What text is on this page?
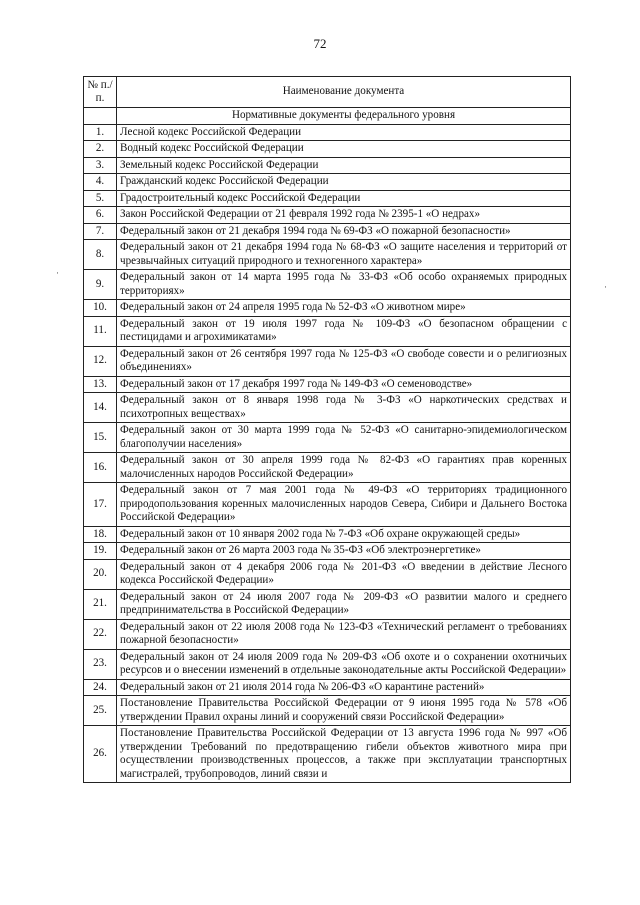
72
·
·
№ п./п.	Наименование документа
	Нормативные документы федерального уровня
1.	Лесной кодекс Российской Федерации
2.	Водный кодекс Российской Федерации
3.	Земельный кодекс Российской Федерации
4.	Гражданский кодекс Российской Федерации
5.	Градостроительный кодекс Российской Федерации
6.	Закон Российской Федерации от 21 февраля 1992 года № 2395-1 «О недрах»
7.	Федеральный закон от 21 декабря 1994 года № 69-ФЗ «О пожарной безопасности»
8.	Федеральный закон от 21 декабря 1994 года № 68-ФЗ «О защите населения и территорий от чрезвычайных ситуаций природного и техногенного характера»
9.	Федеральный закон от 14 марта 1995 года № 33-ФЗ «Об особо охраняемых природных территориях»
10.	Федеральный закон от 24 апреля 1995 года № 52-ФЗ «О животном мире»
11.	Федеральный закон от 19 июля 1997 года № 109-ФЗ «О безопасном обращении с пестицидами и агрохимикатами»
12.	Федеральный закон от 26 сентября 1997 года № 125-ФЗ «О свободе совести и о религиозных объединениях»
13.	Федеральный закон от 17 декабря 1997 года № 149-ФЗ «О семеноводстве»
14.	Федеральный закон от 8 января 1998 года № 3-ФЗ «О наркотических средствах и психотропных веществах»
15.	Федеральный закон от 30 марта 1999 года № 52-ФЗ «О санитарно-эпидемиологическом благополучии населения»
16.	Федеральный закон от 30 апреля 1999 года № 82-ФЗ «О гарантиях прав коренных малочисленных народов Российской Федерации»
17.	Федеральный закон от 7 мая 2001 года № 49-ФЗ «О территориях традиционного природопользования коренных малочисленных народов Севера, Сибири и Дальнего Востока Российской Федерации»
18.	Федеральный закон от 10 января 2002 года № 7-ФЗ «Об охране окружающей среды»
19.	Федеральный закон от 26 марта 2003 года № 35-ФЗ «Об электроэнергетике»
20.	Федеральный закон от 4 декабря 2006 года № 201-ФЗ «О введении в действие Лесного кодекса Российской Федерации»
21.	Федеральный закон от 24 июля 2007 года № 209-ФЗ «О развитии малого и среднего предпринимательства в Российской Федерации»
22.	Федеральный закон от 22 июля 2008 года № 123-ФЗ «Технический регламент о требованиях пожарной безопасности»
23.	Федеральный закон от 24 июля 2009 года № 209-ФЗ «Об охоте и о сохранении охотничьих ресурсов и о внесении изменений в отдельные законодательные акты Российской Федерации»
24.	Федеральный закон от 21 июля 2014 года № 206-ФЗ «О карантине растений»
25.	Постановление Правительства Российской Федерации от 9 июня 1995 года № 578 «Об утверждении Правил охраны линий и сооружений связи Российской Федерации»
26.	Постановление Правительства Российской Федерации от 13 августа 1996 года № 997 «Об утверждении Требований по предотвращению гибели объектов животного мира при осуществлении производственных процессов, а также при эксплуатации транспортных магистралей, трубопроводов, линий связи и
